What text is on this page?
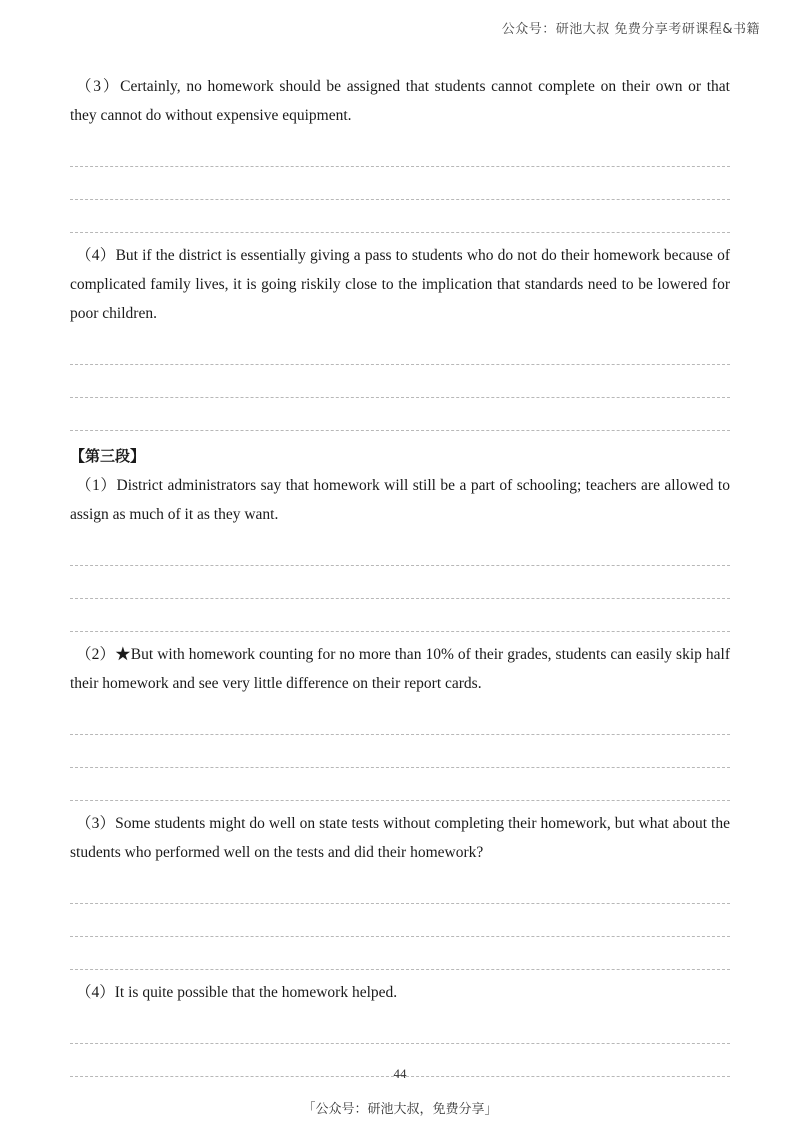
公众号：研池大叔 免费分享考研课程&书籍

（3）Certainly, no homework should be assigned that students cannot complete on their own or that they cannot do without expensive equipment.

（4）But if the district is essentially giving a pass to students who do not do their homework because of complicated family lives, it is going riskily close to the implication that standards need to be lowered for poor children.

【第三段】

（1）District administrators say that homework will still be a part of schooling; teachers are allowed to assign as much of it as they want.

（2）★But with homework counting for no more than 10% of their grades, students can easily skip half their homework and see very little difference on their report cards.

（3）Some students might do well on state tests without completing their homework, but what about the students who performed well on the tests and did their homework?

（4）It is quite possible that the homework helped.

44
「公众号：研池大叔，免费分享」
